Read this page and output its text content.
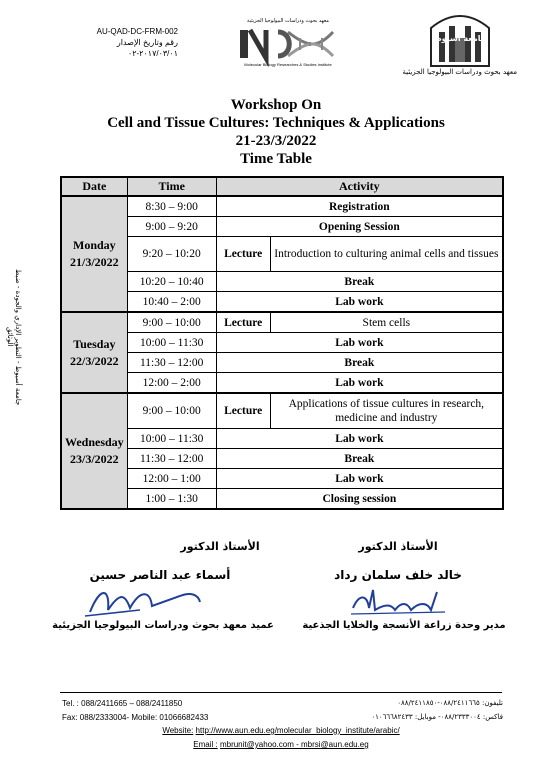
AU-QAD-DC-FRM-002
رقم وتاريخ الإصدار ٢٠١٧/٠٣/٠١-٠٢
معهد بحوث ودراسات البيولوجيا الجزيئية
Molecular Biology Researches & Studies Institute
جامعة أسيوط
معهد بحوث ودراسات البيولوجيا الجزيئية
Workshop On
Cell and Tissue Cultures: Techniques & Applications
21-23/3/2022
Time Table
جامعة أسيوط - التطوير الإداري والجودة - ضبط الوثائق
Date	Time	Activity	

Monday
21/3/2022	8:30 – 9:00	Registration	
	9:00 – 9:20	Opening Session	
	9:20 – 10:20	Lecture	Introduction to culturing animal cells and tissues
	10:20 – 10:40	Break	
	10:40 – 2:00	Lab work	

Tuesday
22/3/2022	9:00 – 10:00	Lecture	Stem cells
	10:00 – 11:30	Lab work	
	11:30 – 12:00	Break	
	12:00 – 2:00	Lab work	

Wednesday
23/3/2022	9:00 – 10:00	Lecture	Applications of tissue cultures in research, medicine and industry
	10:00 – 11:30	Lab work	
	11:30 – 12:00	Break	
	12:00 – 1:00	Lab work	
	1:00 – 1:30	Closing session	
الأستاذ الدكتور
أسماء عبد الناصر حسين
عميد معهد بحوث ودراسات البيولوجيا الجزيئية
الأستاذ الدكتور
خالد خلف سلمان رداد
مدير وحدة زراعة الأنسجة والخلايا الجذعية
Tel. : 088/2411665 – 088/2411850
Fax: 088/2333004- Mobile: 01066682433
تليفون: ٠٨٨/٢٤١١٦٦٥-٠٨٨/٢٤١١٨٥٠
فاكس: ٠٨٨/٢٣٣٣٠٠٤- موبايل: ٠١٠٦٦٦٨٢٤٣٣
Website: http://www.aun.edu.eg/molecular_biology_institute/arabic/
Email : mbrunit@yahoo.com - mbrsi@aun.edu.eg
